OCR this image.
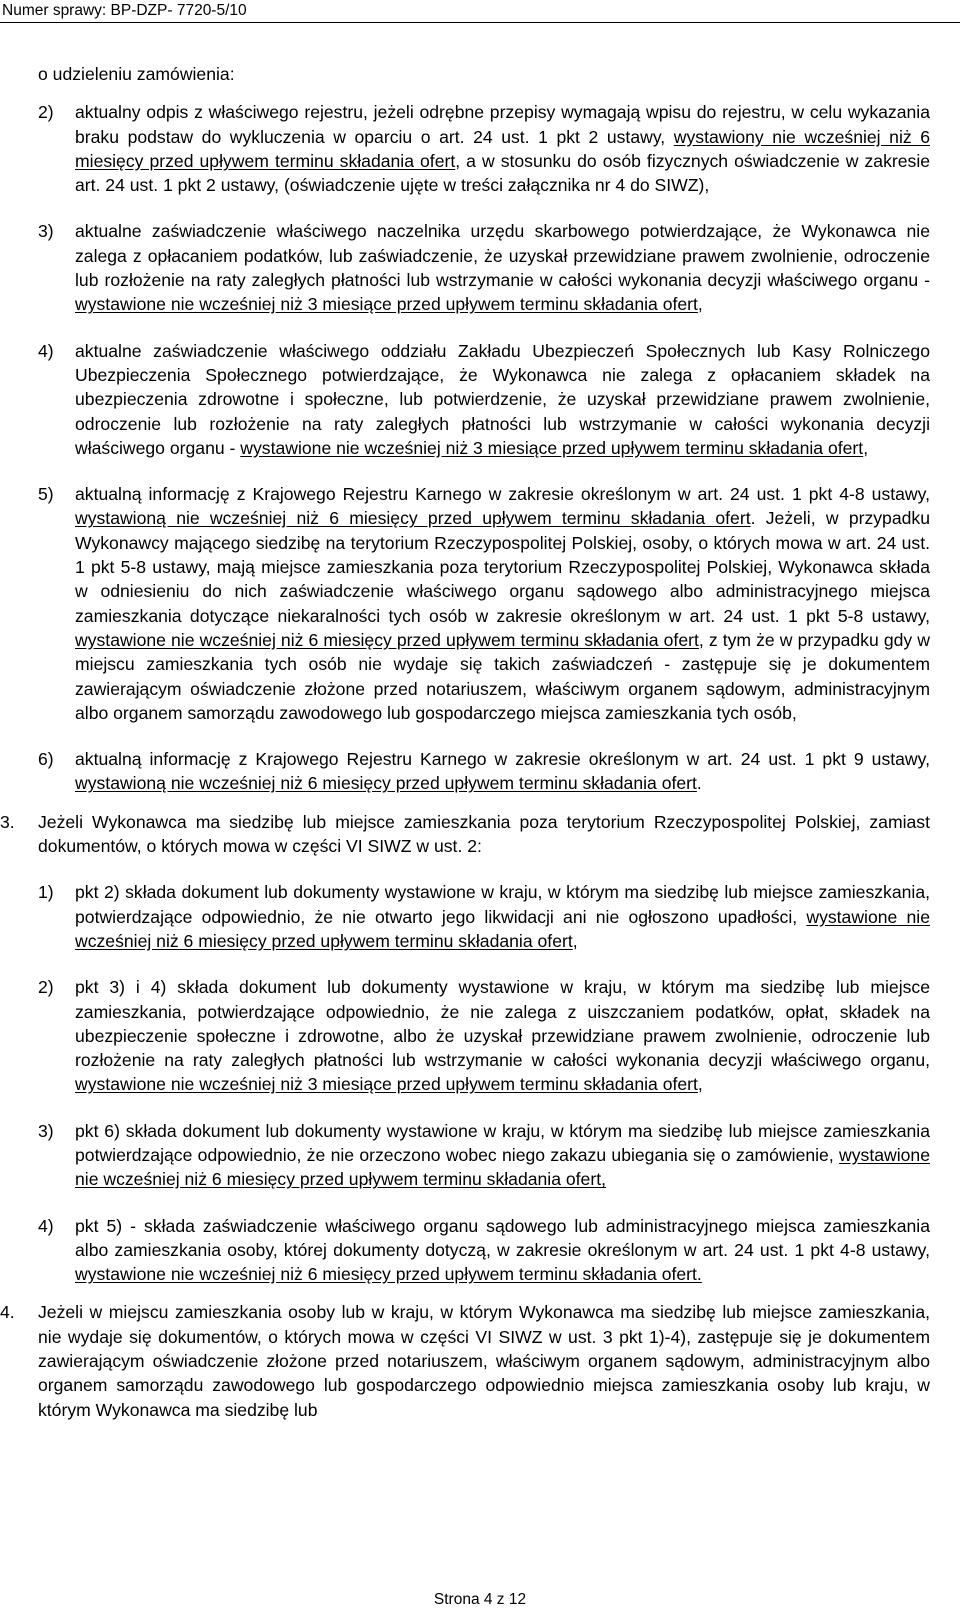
Numer sprawy: BP-DZP- 7720-5/10

o udzieleniu zamówienia:

2) aktualny odpis z właściwego rejestru, jeżeli odrębne przepisy wymagają wpisu do rejestru, w celu wykazania braku podstaw do wykluczenia w oparciu o art. 24 ust. 1 pkt 2 ustawy, wystawiony nie wcześniej niż 6 miesięcy przed upływem terminu składania ofert, a w stosunku do osób fizycznych oświadczenie w zakresie art. 24 ust. 1 pkt 2 ustawy, (oświadczenie ujęte w treści załącznika nr 4 do SIWZ),

3) aktualne zaświadczenie właściwego naczelnika urzędu skarbowego potwierdzające, że Wykonawca nie zalega z opłacaniem podatków, lub zaświadczenie, że uzyskał przewidziane prawem zwolnienie, odroczenie lub rozłożenie na raty zaległych płatności lub wstrzymanie w całości wykonania decyzji właściwego organu - wystawione nie wcześniej niż 3 miesiące przed upływem terminu składania ofert,

4) aktualne zaświadczenie właściwego oddziału Zakładu Ubezpieczeń Społecznych lub Kasy Rolniczego Ubezpieczenia Społecznego potwierdzające, że Wykonawca nie zalega z opłacaniem składek na ubezpieczenia zdrowotne i społeczne, lub potwierdzenie, że uzyskał przewidziane prawem zwolnienie, odroczenie lub rozłożenie na raty zaległych płatności lub wstrzymanie w całości wykonania decyzji właściwego organu - wystawione nie wcześniej niż 3 miesiące przed upływem terminu składania ofert,

5) aktualną informację z Krajowego Rejestru Karnego w zakresie określonym w art. 24 ust. 1 pkt 4-8 ustawy, wystawioną nie wcześniej niż 6 miesięcy przed upływem terminu składania ofert. Jeżeli, w przypadku Wykonawcy mającego siedzibę na terytorium Rzeczypospolitej Polskiej, osoby, o których mowa w art. 24 ust. 1 pkt 5-8 ustawy, mają miejsce zamieszkania poza terytorium Rzeczypospolitej Polskiej, Wykonawca składa w odniesieniu do nich zaświadczenie właściwego organu sądowego albo administracyjnego miejsca zamieszkania dotyczące niekaralności tych osób w zakresie określonym w art. 24 ust. 1 pkt 5-8 ustawy, wystawione nie wcześniej niż 6 miesięcy przed upływem terminu składania ofert, z tym że w przypadku gdy w miejscu zamieszkania tych osób nie wydaje się takich zaświadczeń - zastępuje się je dokumentem zawierającym oświadczenie złożone przed notariuszem, właściwym organem sądowym, administracyjnym albo organem samorządu zawodowego lub gospodarczego miejsca zamieszkania tych osób,

6) aktualną informację z Krajowego Rejestru Karnego w zakresie określonym w art. 24 ust. 1 pkt 9 ustawy, wystawioną nie wcześniej niż 6 miesięcy przed upływem terminu składania ofert.

3. Jeżeli Wykonawca ma siedzibę lub miejsce zamieszkania poza terytorium Rzeczypospolitej Polskiej, zamiast dokumentów, o których mowa w części VI SIWZ w ust. 2:

1) pkt 2) składa dokument lub dokumenty wystawione w kraju, w którym ma siedzibę lub miejsce zamieszkania, potwierdzające odpowiednio, że nie otwarto jego likwidacji ani nie ogłoszono upadłości, wystawione nie wcześniej niż 6 miesięcy przed upływem terminu składania ofert,

2) pkt 3) i 4) składa dokument lub dokumenty wystawione w kraju, w którym ma siedzibę lub miejsce zamieszkania, potwierdzające odpowiednio, że nie zalega z uiszczaniem podatków, opłat, składek na ubezpieczenie społeczne i zdrowotne, albo że uzyskał przewidziane prawem zwolnienie, odroczenie lub rozłożenie na raty zaległych płatności lub wstrzymanie w całości wykonania decyzji właściwego organu, wystawione nie wcześniej niż 3 miesiące przed upływem terminu składania ofert,

3) pkt 6) składa dokument lub dokumenty wystawione w kraju, w którym ma siedzibę lub miejsce zamieszkania potwierdzające odpowiednio, że nie orzeczono wobec niego zakazu ubiegania się o zamówienie, wystawione nie wcześniej niż 6 miesięcy przed upływem terminu składania ofert,

4) pkt 5) - składa zaświadczenie właściwego organu sądowego lub administracyjnego miejsca zamieszkania albo zamieszkania osoby, której dokumenty dotyczą, w zakresie określonym w art. 24 ust. 1 pkt 4-8 ustawy, wystawione nie wcześniej niż 6 miesięcy przed upływem terminu składania ofert.

4. Jeżeli w miejscu zamieszkania osoby lub w kraju, w którym Wykonawca ma siedzibę lub miejsce zamieszkania, nie wydaje się dokumentów, o których mowa w części VI SIWZ w ust. 3 pkt 1)-4), zastępuje się je dokumentem zawierającym oświadczenie złożone przed notariuszem, właściwym organem sądowym, administracyjnym albo organem samorządu zawodowego lub gospodarczego odpowiednio miejsca zamieszkania osoby lub kraju, w którym Wykonawca ma siedzibę lub

Strona 4 z 12
